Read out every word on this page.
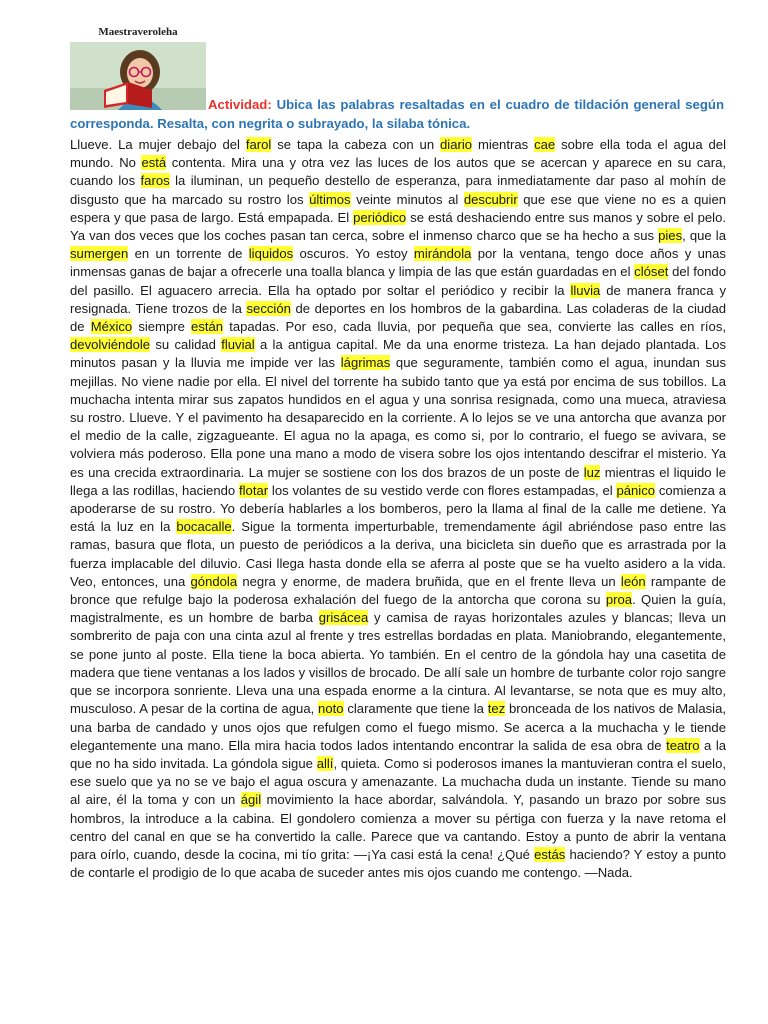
Maestraveroleha
Actividad: Ubica las palabras resaltadas en el cuadro de tildación general según corresponda. Resalta, con negrita o subrayado, la silaba tónica.
Llueve. La mujer debajo del farol se tapa la cabeza con un diario mientras cae sobre ella toda el agua del mundo. No está contenta. Mira una y otra vez las luces de los autos que se acercan y aparece en su cara, cuando los faros la iluminan, un pequeño destello de esperanza, para inmediatamente dar paso al mohín de disgusto que ha marcado su rostro los últimos veinte minutos al descubrir que ese que viene no es a quien espera y que pasa de largo. Está empapada. El periódico se está deshaciendo entre sus manos y sobre el pelo. Ya van dos veces que los coches pasan tan cerca, sobre el inmenso charco que se ha hecho a sus pies, que la sumergen en un torrente de liquidos oscuros. Yo estoy mirándola por la ventana, tengo doce años y unas inmensas ganas de bajar a ofrecerle una toalla blanca y limpia de las que están guardadas en el clóset del fondo del pasillo. El aguacero arrecia. Ella ha optado por soltar el periódico y recibir la lluvia de manera franca y resignada. Tiene trozos de la sección de deportes en los hombros de la gabardina. Las coladeras de la ciudad de México siempre están tapadas. Por eso, cada lluvia, por pequeña que sea, convierte las calles en ríos, devolviéndole su calidad fluvial a la antigua capital. Me da una enorme tristeza. La han dejado plantada. Los minutos pasan y la lluvia me impide ver las lágrimas que seguramente, también como el agua, inundan sus mejillas. No viene nadie por ella. El nivel del torrente ha subido tanto que ya está por encima de sus tobillos. La muchacha intenta mirar sus zapatos hundidos en el agua y una sonrisa resignada, como una mueca, atraviesa su rostro. Llueve. Y el pavimento ha desaparecido en la corriente. A lo lejos se ve una antorcha que avanza por el medio de la calle, zigzagueante. El agua no la apaga, es como si, por lo contrario, el fuego se avivara, se volviera más poderoso. Ella pone una mano a modo de visera sobre los ojos intentando descifrar el misterio. Ya es una crecida extraordinaria. La mujer se sostiene con los dos brazos de un poste de luz mientras el liquido le llega a las rodillas, haciendo flotar los volantes de su vestido verde con flores estampadas, el pánico comienza a apoderarse de su rostro. Yo debería hablarles a los bomberos, pero la llama al final de la calle me detiene. Ya está la luz en la bocacalle. Sigue la tormenta imperturbable, tremendamente ágil abriéndose paso entre las ramas, basura que flota, un puesto de periódicos a la deriva, una bicicleta sin dueño que es arrastrada por la fuerza implacable del diluvio. Casi llega hasta donde ella se aferra al poste que se ha vuelto asidero a la vida. Veo, entonces, una góndola negra y enorme, de madera bruñida, que en el frente lleva un león rampante de bronce que refulge bajo la poderosa exhalación del fuego de la antorcha que corona su proa. Quien la guía, magistralmente, es un hombre de barba grisácea y camisa de rayas horizontales azules y blancas; lleva un sombrerito de paja con una cinta azul al frente y tres estrellas bordadas en plata. Maniobrando, elegantemente, se pone junto al poste. Ella tiene la boca abierta. Yo también. En el centro de la góndola hay una casetita de madera que tiene ventanas a los lados y visillos de brocado. De allí sale un hombre de turbante color rojo sangre que se incorpora sonriente. Lleva una una espada enorme a la cintura. Al levantarse, se nota que es muy alto, musculoso. A pesar de la cortina de agua, noto claramente que tiene la tez bronceada de los nativos de Malasia, una barba de candado y unos ojos que refulgen como el fuego mismo. Se acerca a la muchacha y le tiende elegantemente una mano. Ella mira hacia todos lados intentando encontrar la salida de esa obra de teatro a la que no ha sido invitada. La góndola sigue allí, quieta. Como si poderosos imanes la mantuvieran contra el suelo, ese suelo que ya no se ve bajo el agua oscura y amenazante. La muchacha duda un instante. Tiende su mano al aire, él la toma y con un ágil movimiento la hace abordar, salvándola. Y, pasando un brazo por sobre sus hombros, la introduce a la cabina. El gondolero comienza a mover su pértiga con fuerza y la nave retoma el centro del canal en que se ha convertido la calle. Parece que va cantando. Estoy a punto de abrir la ventana para oírlo, cuando, desde la cocina, mi tío grita: —¡Ya casi está la cena! ¿Qué estás haciendo? Y estoy a punto de contarle el prodigio de lo que acaba de suceder antes mis ojos cuando me contengo. —Nada.
